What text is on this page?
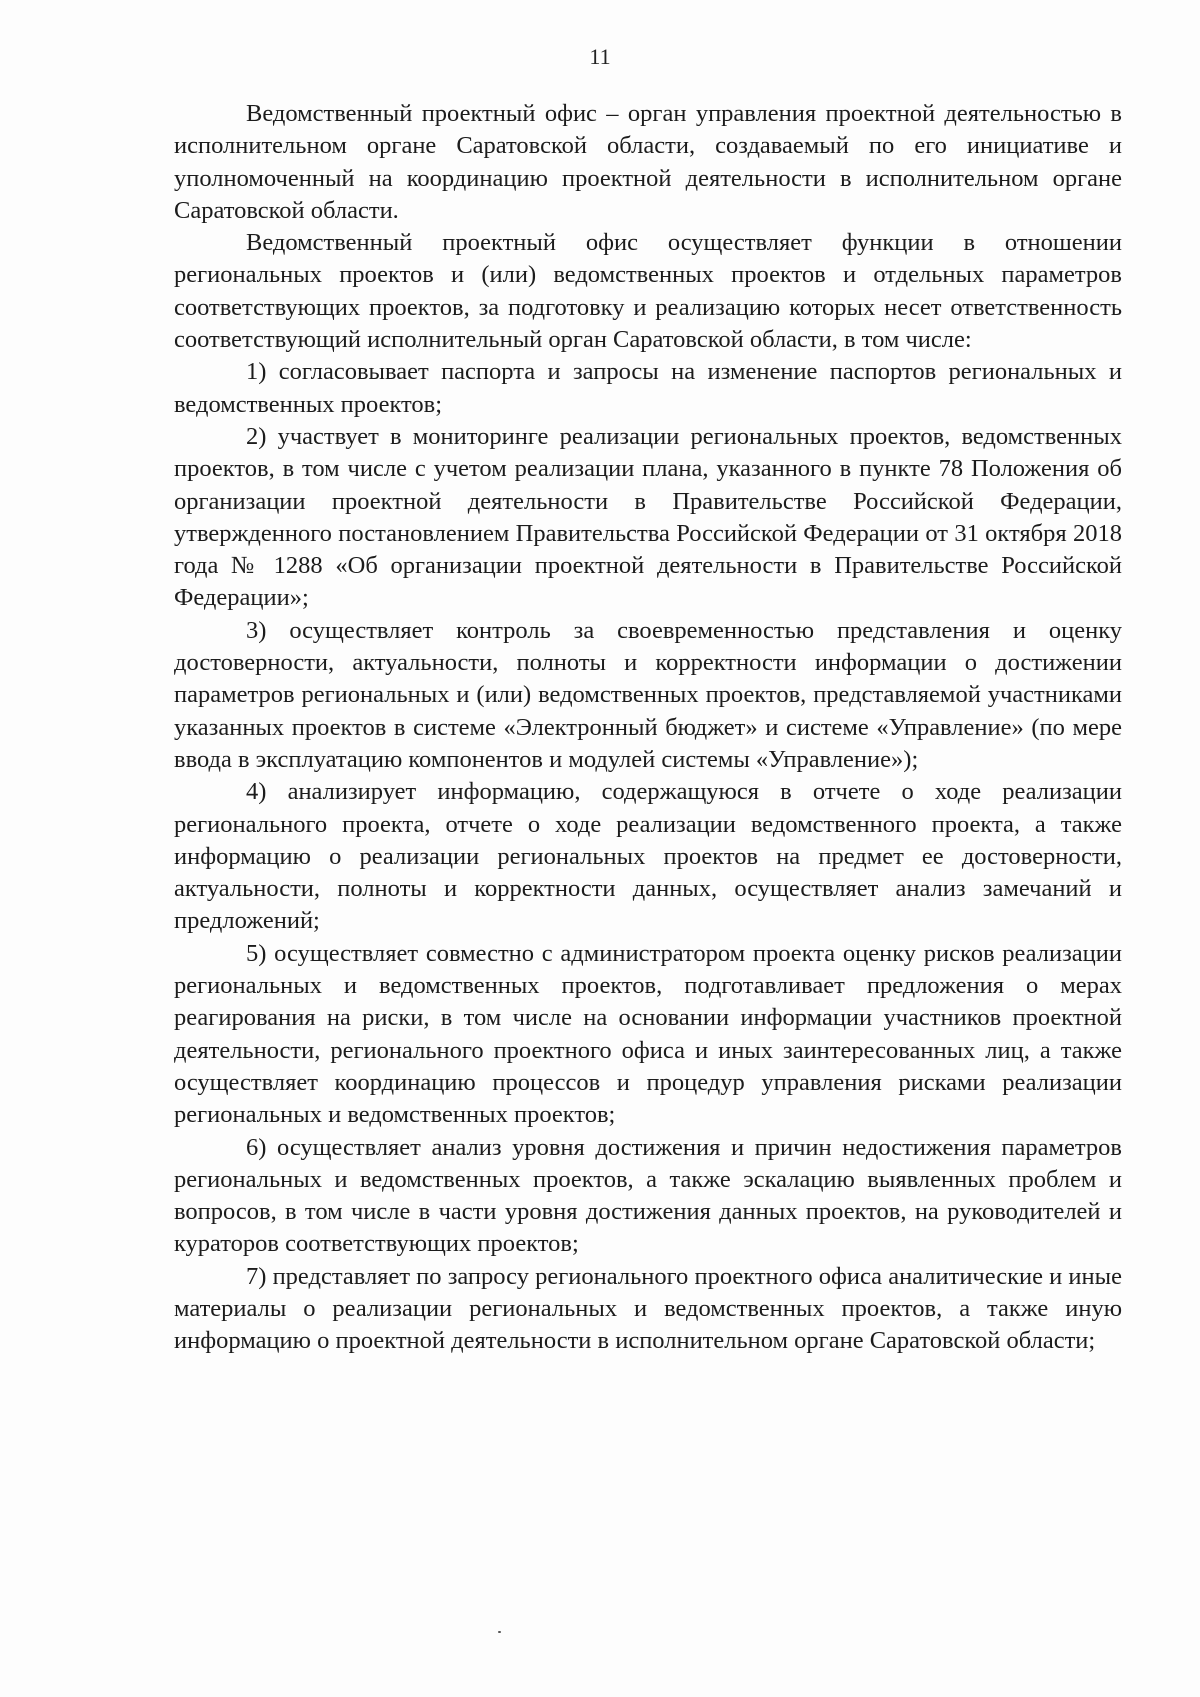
11

Ведомственный проектный офис – орган управления проектной деятельностью в исполнительном органе Саратовской области, создаваемый по его инициативе и уполномоченный на координацию проектной деятельности в исполнительном органе Саратовской области.

Ведомственный проектный офис осуществляет функции в отношении региональных проектов и (или) ведомственных проектов и отдельных параметров соответствующих проектов, за подготовку и реализацию которых несет ответственность соответствующий исполнительный орган Саратовской области, в том числе:

1) согласовывает паспорта и запросы на изменение паспортов региональных и ведомственных проектов;

2) участвует в мониторинге реализации региональных проектов, ведомственных проектов, в том числе с учетом реализации плана, указанного в пункте 78 Положения об организации проектной деятельности в Правительстве Российской Федерации, утвержденного постановлением Правительства Российской Федерации от 31 октября 2018 года № 1288 «Об организации проектной деятельности в Правительстве Российской Федерации»;

3) осуществляет контроль за своевременностью представления и оценку достоверности, актуальности, полноты и корректности информации о достижении параметров региональных и (или) ведомственных проектов, представляемой участниками указанных проектов в системе «Электронный бюджет» и системе «Управление» (по мере ввода в эксплуатацию компонентов и модулей системы «Управление»);

4) анализирует информацию, содержащуюся в отчете о ходе реализации регионального проекта, отчете о ходе реализации ведомственного проекта, а также информацию о реализации региональных проектов на предмет ее достоверности, актуальности, полноты и корректности данных, осуществляет анализ замечаний и предложений;

5) осуществляет совместно с администратором проекта оценку рисков реализации региональных и ведомственных проектов, подготавливает предложения о мерах реагирования на риски, в том числе на основании информации участников проектной деятельности, регионального проектного офиса и иных заинтересованных лиц, а также осуществляет координацию процессов и процедур управления рисками реализации региональных и ведомственных проектов;

6) осуществляет анализ уровня достижения и причин недостижения параметров региональных и ведомственных проектов, а также эскалацию выявленных проблем и вопросов, в том числе в части уровня достижения данных проектов, на руководителей и кураторов соответствующих проектов;

7) представляет по запросу регионального проектного офиса аналитические и иные материалы о реализации региональных и ведомственных проектов, а также иную информацию о проектной деятельности в исполнительном органе Саратовской области;
